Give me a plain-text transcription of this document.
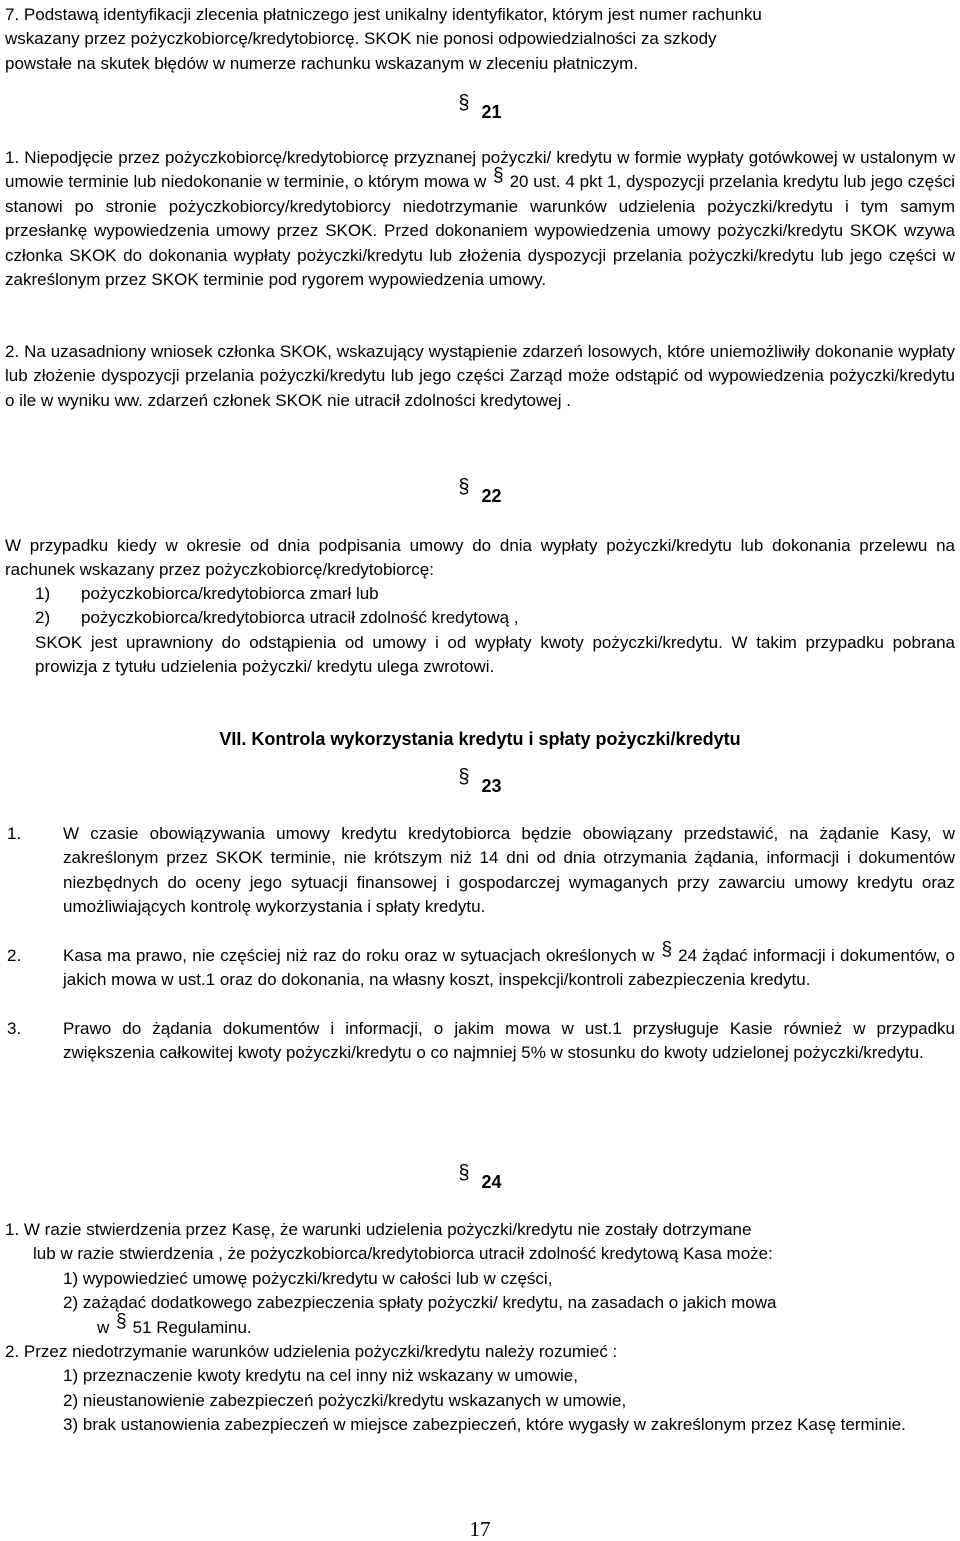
7. Podstawą identyfikacji zlecenia płatniczego jest unikalny identyfikator, którym jest numer rachunku
wskazany przez pożyczkobiorcę/kredytobiorcę. SKOK nie ponosi odpowiedzialności za szkody
powstałe na skutek błędów w numerze rachunku wskazanym w zleceniu płatniczym.
§ 21
1. Niepodjęcie przez pożyczkobiorcę/kredytobiorcę przyznanej pożyczki/ kredytu w formie wypłaty gotówkowej w ustalonym w umowie terminie lub niedokonanie w terminie, o którym mowa w § 20 ust. 4 pkt 1, dyspozycji przelania kredytu lub jego części stanowi po stronie pożyczkobiorcy/kredytobiorcy niedotrzymanie warunków udzielenia pożyczki/kredytu i tym samym przesłankę wypowiedzenia umowy przez SKOK. Przed dokonaniem wypowiedzenia umowy pożyczki/kredytu SKOK wzywa członka SKOK do dokonania wypłaty pożyczki/kredytu lub złożenia dyspozycji przelania pożyczki/kredytu lub jego części w zakreślonym przez SKOK terminie pod rygorem wypowiedzenia umowy.
2. Na uzasadniony wniosek członka SKOK, wskazujący wystąpienie zdarzeń losowych, które uniemożliwiły dokonanie wypłaty lub złożenie dyspozycji przelania pożyczki/kredytu lub jego części Zarząd może odstąpić od wypowiedzenia pożyczki/kredytu o ile w wyniku ww. zdarzeń członek SKOK nie utracił zdolności kredytowej .
§ 22
W przypadku kiedy w okresie od dnia podpisania umowy do dnia wypłaty pożyczki/kredytu lub dokonania przelewu na rachunek wskazany przez pożyczkobiorcę/kredytobiorcę:
1) pożyczkobiorca/kredytobiorca zmarł lub
2) pożyczkobiorca/kredytobiorca utracił zdolność kredytową ,
SKOK jest uprawniony do odstąpienia od umowy i od wypłaty kwoty pożyczki/kredytu. W takim przypadku pobrana prowizja z tytułu udzielenia pożyczki/ kredytu ulega zwrotowi.
VII. Kontrola wykorzystania kredytu i spłaty pożyczki/kredytu
§ 23
1. W czasie obowiązywania umowy kredytu kredytobiorca będzie obowiązany przedstawić, na żądanie Kasy, w zakreślonym przez SKOK terminie, nie krótszym niż 14 dni od dnia otrzymania żądania, informacji i dokumentów niezbędnych do oceny jego sytuacji finansowej i gospodarczej wymaganych przy zawarciu umowy kredytu oraz umożliwiających kontrolę wykorzystania i spłaty kredytu.
2. Kasa ma prawo, nie częściej niż raz do roku oraz w sytuacjach określonych w § 24 żądać informacji i dokumentów, o jakich mowa w ust.1 oraz do dokonania, na własny koszt, inspekcji/kontroli zabezpieczenia kredytu.
3. Prawo do żądania dokumentów i informacji, o jakim mowa w ust.1 przysługuje Kasie również w przypadku zwiększenia całkowitej kwoty pożyczki/kredytu o co najmniej 5% w stosunku do kwoty udzielonej pożyczki/kredytu.
§ 24
1. W razie stwierdzenia przez Kasę, że warunki udzielenia pożyczki/kredytu nie zostały dotrzymane
lub w razie stwierdzenia , że pożyczkobiorca/kredytobiorca utracił zdolność kredytową Kasa może:
1) wypowiedzieć umowę pożyczki/kredytu w całości lub w części,
2) zażądać dodatkowego zabezpieczenia spłaty pożyczki/ kredytu, na zasadach o jakich mowa
w § 51 Regulaminu.
2. Przez niedotrzymanie warunków udzielenia pożyczki/kredytu należy rozumieć :
1) przeznaczenie kwoty kredytu na cel inny niż wskazany w umowie,
2) nieustanowienie zabezpieczeń pożyczki/kredytu wskazanych w umowie,
3) brak ustanowienia zabezpieczeń w miejsce zabezpieczeń, które wygasły w zakreślonym przez Kasę terminie.
17
